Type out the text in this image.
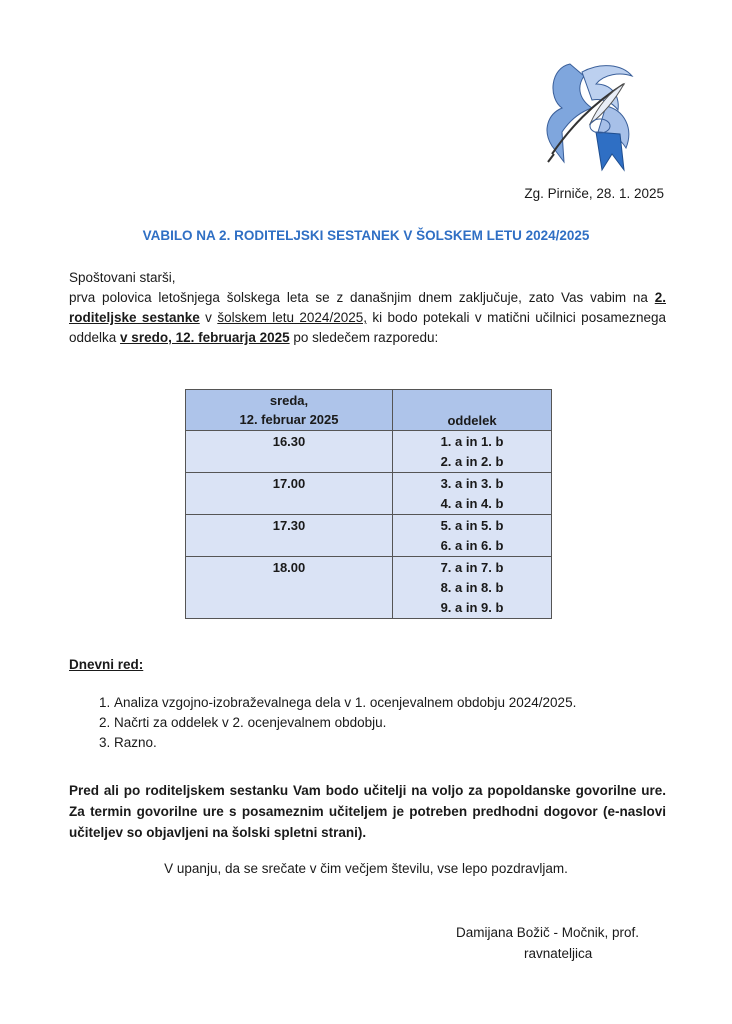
Zg. Pirniče, 28. 1. 2025
VABILO NA 2. RODITELJSKI SESTANEK V ŠOLSKEM LETU 2024/2025

Spoštovani starši,

prva polovica letošnjega šolskega leta se z današnjim dnem zaključuje, zato Vas vabim na 2. roditeljske sestanke v šolskem letu 2024/2025, ki bodo potekali v matični učilnici posameznega oddelka v sredo, 12. februarja 2025 po sledečem razporedu:

sreda,
12. februar 2025	oddelek
16.30	1. a in 1. b
2. a in 2. b

17.00	3. a in 3. b
4. a in 4. b

17.30	5. a in 5. b
6. a in 6. b

18.00	7. a in 7. b
8. a in 8. b
9. a in 9. b
Dnevni red:
1. Analiza vzgojno-izobraževalnega dela v 1. ocenjevalnem obdobju 2024/2025.
2. Načrti za oddelek v 2. ocenjevalnem obdobju.
3. Razno.
Pred ali po roditeljskem sestanku Vam bodo učitelji na voljo za popoldanske govorilne ure. Za termin govorilne ure s posameznim učiteljem je potreben predhodni dogovor (e-naslovi učiteljev so objavljeni na šolski spletni strani).
V upanju, da se srečate v čim večjem številu, vse lepo pozdravljam.
Damijana Božič - Močnik, prof.
ravnateljica
